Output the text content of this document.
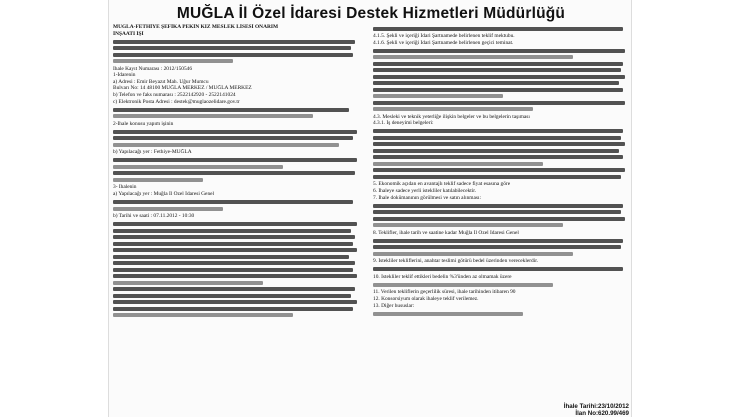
MUĞLA İl Özel İdaresi Destek Hizmetleri Müdürlüğü

MUĞLA-FETHİYE ŞEFİKA PEKİN KIZ MESLEK LİSESİ ONARIM

İNŞAATI İŞİ

İhale Kayıt Numarası : 2012/150546

1-İdarenin

a) Adresi : Emir Beyazıt Mah. Uğur Mumcu

Bulvarı No: 14 48100 MUĞLA MERKEZ / MUĞLA MERKEZ

b) Telefon ve faks numarası : 2522142920 - 2522141024

c) Elektronik Posta Adresi : destek@muglaozelidare.gov.tr

2-İhale konusu yapım işinin

b) Yapılacağı yer : Fethiye-MUĞLA

3- İhalenin

a) Yapılacağı yer : Muğla İl Özel İdaresi Genel

b) Tarihi ve saati : 07.11.2012 - 10:30

4.1.5. Şekli ve içeriği İdari Şartnamede belirlenen teklif mektubu.

4.1.6. Şekli ve içeriği İdari Şartnamede belirlenen geçici teminat.

4.3. Mesleki ve teknik yeterliğe ilişkin belgeler ve bu belgelerin taşıması

4.3.1. İş deneyimi belgeleri:

5. Ekonomik açıdan en avantajlı teklif sadece fiyat esasına göre

6. İhaleye sadece yerli istekliler katılabilecektir.

7. İhale dokümanının görülmesi ve satın alınması:

8. Teklifler, ihale tarih ve saatine kadar Muğla İl Özel İdaresi Genel

9. İstekliler tekliflerini, anahtar teslimi götürü bedel üzerinden vereceklerdir.

10. İstekliler teklif ettikleri bedelin %3'ünden az olmamak üzere

11. Verilen tekliflerin geçerlilik süresi, ihale tarihinden itibaren 90

12. Konsorsiyum olarak ihaleye teklif verilemez.

13. Diğer hususlar:

İhale Tarihi:23/10/2012
İlan No:620.99/469
